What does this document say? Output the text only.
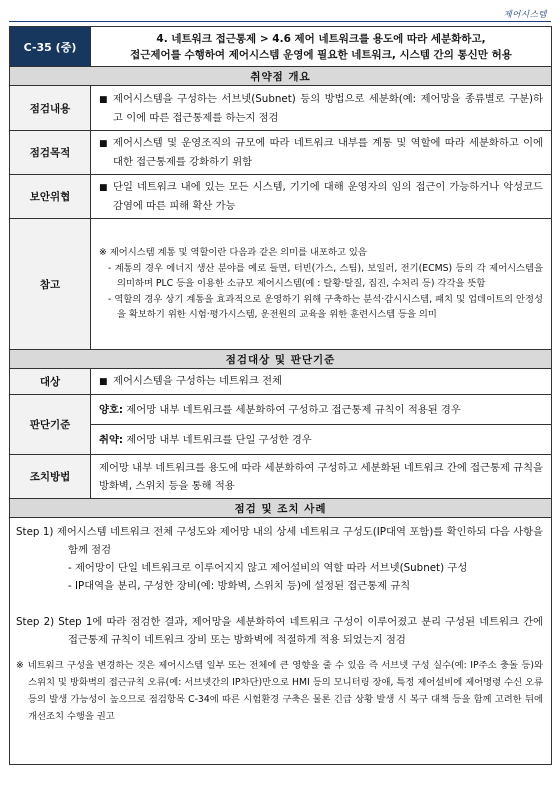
제어시스템
C-35 (중)	4. 네트워크 접근통제 > 4.6 제어 네트워크를 용도에 따라 세분화하고,
접근제어를 수행하여 제어시스템 운영에 필요한 네트워크, 시스템 간의 통신만 허용

취약점 개요	
점검내용	■ 제어시스템을 구성하는 서브넷(Subnet) 등의 방법으로 세분화(예: 제어망을 종류별로 구분)하고 이에 따른 접근통제를 하는지 점검
점검목적	■ 제어시스템 및 운영조직의 규모에 따라 네트워크 내부를 계통 및 역할에 따라 세분화하고 이에 대한 접근통제를 강화하기 위함
보안위협	■ 단일 네트워크 내에 있는 모든 시스템, 기기에 대해 운영자의 임의 접근이 가능하거나 악성코드 감염에 따른 피해 확산 가능
참고	※ 제어시스템 계통 및 역할이란 다음과 같은 의미를 내포하고 있음
- 계통의 경우 에너지 생산 분야를 예로 들면, 터빈(가스, 스팀), 보일러, 전기(ECMS) 등의 각 제어시스템을 의미하며 PLC 등을 이용한 소규모 제어시스템(예 : 탈황·탈질, 집진, 수처리 등) 각각을 뜻함
- 역할의 경우 상기 계통을 효과적으로 운영하기 위해 구축하는 분석·감시시스템, 패치 및 업데이트의 안정성을 확보하기 위한 시험·평가시스템, 운전원의 교육을 위한 훈련시스템 등을 의미

점검대상 및 판단기준	
대상	■ 제어시스템을 구성하는 네트워크 전체
판단기준	양호: 제어망 내부 네트워크를 세분화하여 구성하고 접근통제 규칙이 적용된 경우
	취약: 제어망 내부 네트워크를 단일 구성한 경우
조치방법	제어망 내부 네트워크를 용도에 따라 세분화하여 구성하고 세분화된 네트워크 간에 접근통제 규칙을 방화벽, 스위치 등을 통해 적용
점검 및 조치 사례	

Step 1) 제어시스템 네트워크 전체 구성도와 제어망 내의 상세 네트워크 구성도(IP대역 포함)를 확인하되 다음 사항을 함께 점검
- 제어망이 단일 네트워크로 이루어지지 않고 제어설비의 역할 따라 서브넷(Subnet) 구성
- IP대역을 분리, 구성한 장비(예: 방화벽, 스위치 등)에 설정된 접근통제 규칙
Step 2) Step 1에 따라 점검한 결과, 제어망을 세분화하여 네트워크 구성이 이루어졌고 분리 구성된 네트워크 간에 접근통제 규칙이 네트워크 장비 또는 방화벽에 적절하게 적용 되었는지 점검
※ 네트워크 구성을 변경하는 것은 제어시스템 일부 또는 전체에 큰 영향을 줄 수 있음 즉 서브넷 구성 실수(예: IP주소 충돌 등)와 스위치 및 방화벽의 접근규칙 오류(예: 서브넷간의 IP차단)만으로 HMI 등의 모니터링 장애, 특정 제어설비에 제어명령 수신 오류 등의 발생 가능성이 높으므로 점검항목 C-34에 따른 시험환경 구축은 물론 긴급 상황 발생 시 복구 대책 등을 함께 고려한 뒤에 개선조치 수행을 권고	
